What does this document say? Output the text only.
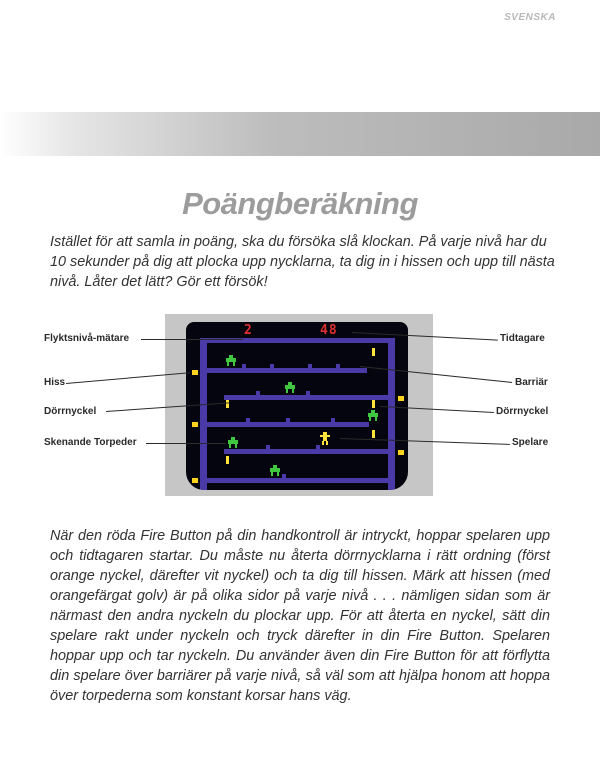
SVENSKA
Poängberäkning
Istället för att samla in poäng, ska du försöka slå klockan. På varje nivå har du 10 sekunder på dig att plocka upp nycklarna, ta dig in i hissen och upp till nästa nivå. Låter det lätt? Gör ett försök!
2	48
Flyktsnivå-mätare
Hiss
Dörrnyckel
Skenande Torpeder
Tidtagare
Barriär
Dörrnyckel
Spelare
När den röda Fire Button på din handkontroll är intryckt, hoppar spelaren upp och tidtagaren startar. Du måste nu återta dörrnycklarna i rätt ordning (först orange nyckel, därefter vit nyckel) och ta dig till hissen. Märk att hissen (med orangefärgat golv) är på olika sidor på varje nivå . . . nämligen sidan som är närmast den andra nyckeln du plockar upp. För att återta en nyckel, sätt din spelare rakt under nyckeln och tryck därefter in din Fire Button. Spelaren hoppar upp och tar nyckeln. Du använder även din Fire Button för att förflytta din spelare över barriärer på varje nivå, så väl som att hjälpa honom att hoppa över torpederna som konstant korsar hans väg.
